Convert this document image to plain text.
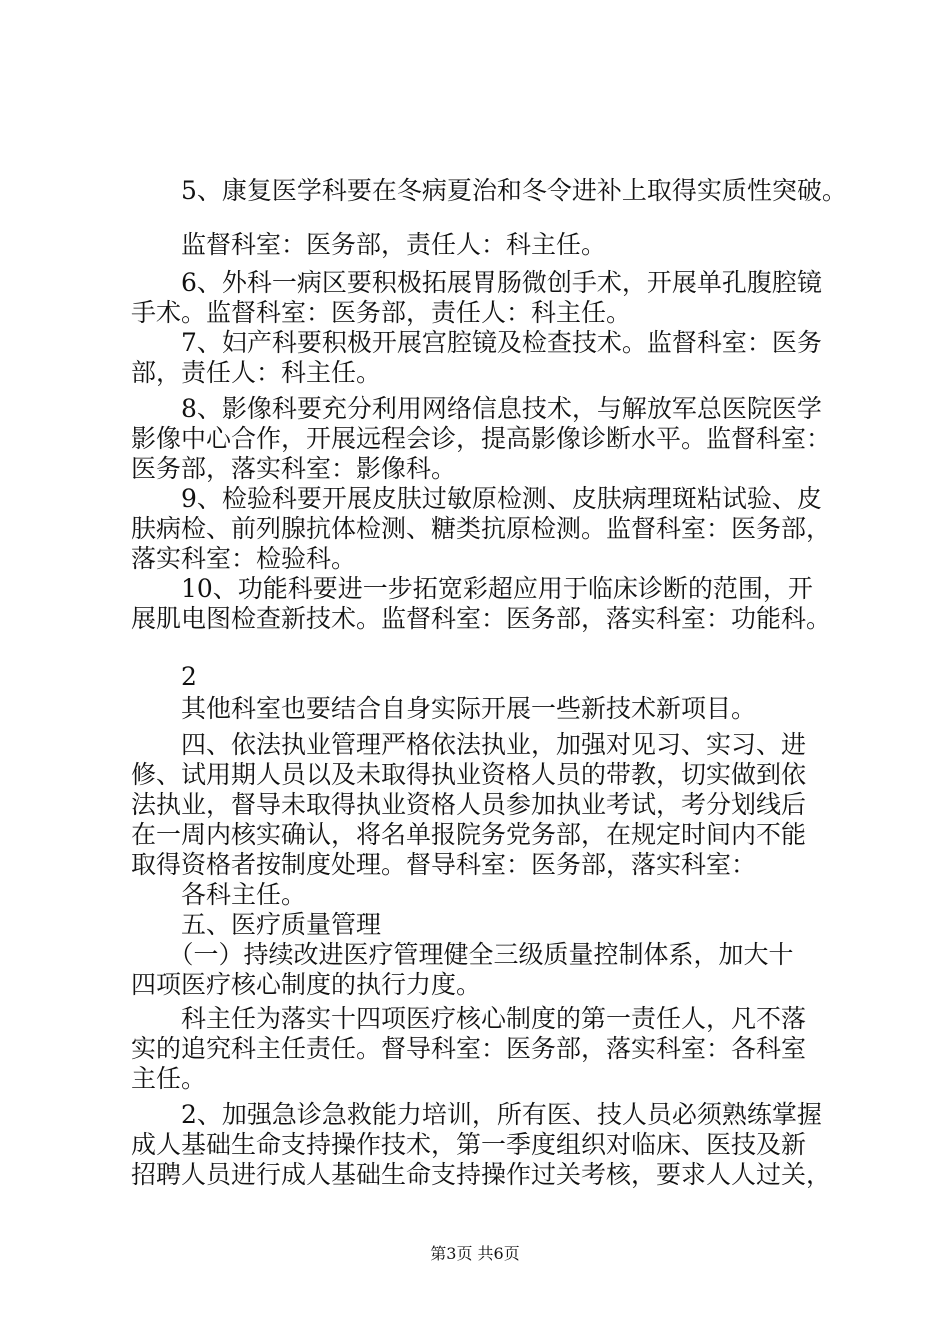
　　5、康复医学科要在冬病夏治和冬令进补上取得实质性突破。
　　监督科室：医务部，责任人：科主任。
　　6、外科一病区要积极拓展胃肠微创手术，开展单孔腹腔镜
手术。监督科室：医务部，责任人：科主任。
　　7、妇产科要积极开展宫腔镜及检查技术。监督科室：医务
部，责任人：科主任。
　　8、影像科要充分利用网络信息技术，与解放军总医院医学
影像中心合作，开展远程会诊，提高影像诊断水平。监督科室：
医务部，落实科室：影像科。
　　9、检验科要开展皮肤过敏原检测、皮肤病理斑粘试验、皮
肤病检、前列腺抗体检测、糖类抗原检测。监督科室：医务部，
落实科室：检验科。
　　10、功能科要进一步拓宽彩超应用于临床诊断的范围，开
展肌电图检查新技术。监督科室：医务部，落实科室：功能科。
　　2
　　其他科室也要结合自身实际开展一些新技术新项目。
　　四、依法执业管理严格依法执业，加强对见习、实习、进
修、试用期人员以及未取得执业资格人员的带教，切实做到依
法执业，督导未取得执业资格人员参加执业考试，考分划线后
在一周内核实确认，将名单报院务党务部，在规定时间内不能
取得资格者按制度处理。督导科室：医务部，落实科室：
　　各科主任。
　　五、医疗质量管理
　　（一）持续改进医疗管理健全三级质量控制体系，加大十
四项医疗核心制度的执行力度。
　　科主任为落实十四项医疗核心制度的第一责任人，凡不落
实的追究科主任责任。督导科室：医务部，落实科室：各科室
主任。
　　2、加强急诊急救能力培训，所有医、技人员必须熟练掌握
成人基础生命支持操作技术，第一季度组织对临床、医技及新
招聘人员进行成人基础生命支持操作过关考核，要求人人过关，
第3页 共6页
